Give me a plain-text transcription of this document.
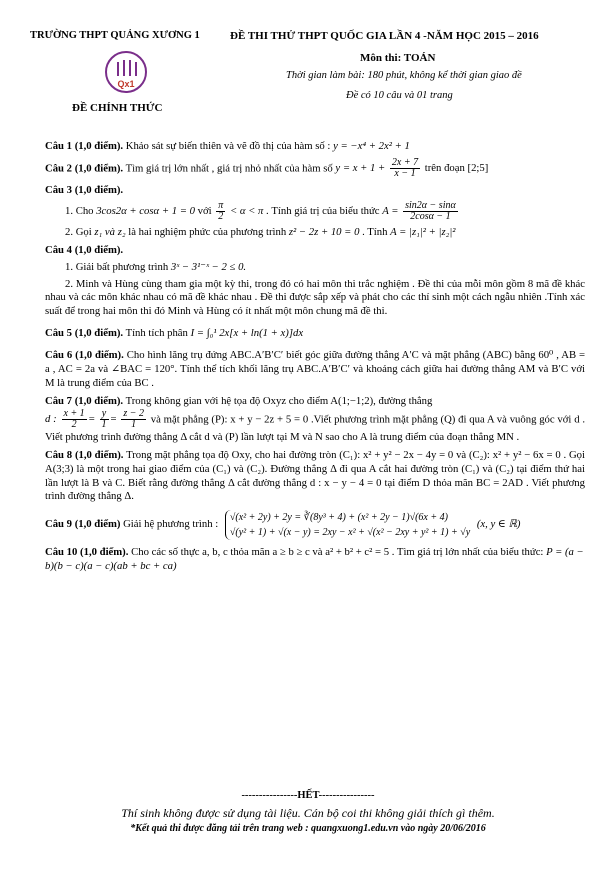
TRƯỜNG THPT QUẢNG XƯƠNG 1	ĐỀ THI THỬ THPT QUỐC GIA LẦN 4 -NĂM HỌC 2015 – 2016
Qx1
Môn thi: TOÁN
Thời gian làm bài: 180 phút, không kể thời gian giao đề
Đề có 10 câu và 01 trang
ĐỀ CHÍNH THỨC
Câu 1 (1,0 điểm). Khảo sát sự biến thiên và vẽ đồ thị của hàm số : y = −x⁴ + 2x² + 1
Câu 2 (1,0 điểm). Tìm giá trị lớn nhất , giá trị nhỏ nhất của hàm số $y = x + 1 + \frac{2x + 7}{x - 1}$ trên đoạn [2;5]
Câu 3 (1,0 điểm).
1. Cho 3cos2α + cosα + 1 = 0 với $\frac{\pi}{2} < \alpha < \pi$ . Tính giá trị của biểu thức $A = \frac{\sin 2\alpha - \sin\alpha}{2\cos\alpha - 1}$
2. Gọi z₁ và z₂ là hai nghiệm phức của phương trình z² − 2z + 10 = 0 . Tính A = |z₁|² + |z₂|²
Câu 4 (1,0 điểm).
1. Giải bất phương trình 3ˣ − 3¹⁻ˣ − 2 ≤ 0.
2. Minh và Hùng cùng tham gia một kỳ thi, trong đó có hai môn thi trắc nghiệm . Đề thi của mỗi môn gồm 8 mã đề khác nhau và các môn khác nhau có mã đề khác nhau . Đề thi được sắp xếp và phát cho các thí sinh một cách ngẫu nhiên .Tính xác suất để trong hai môn thi đó Minh và Hùng có ít nhất một môn chung mã đề thi.
Câu 5 (1,0 điểm). Tính tích phân I = ∫₀¹ 2x[x + ln(1 + x)]dx
Câu 6 (1,0 điểm). Cho hình lăng trụ đứng ABC.A′B′C′ biết góc giữa đường thẳng A′C và mặt phẳng (ABC) bằng 60⁰ , AB = a , AC = 2a và ∠BAC = 120°. Tính thể tích khối lăng trụ ABC.A′B′C′ và khoảng cách giữa hai đường thẳng AM và B′C với M là trung điểm của BC .
Câu 7 (1,0 điểm). Trong không gian với hệ tọa độ Oxyz cho điểm A(1;−1;2), đường thẳng
d : $\frac{x + 1}{2} = \frac{y}{1} = \frac{z - 2}{1}$ và mặt phẳng (P): x + y − 2z + 5 = 0 .Viết phương trình mặt phẳng (Q) đi qua A và vuông góc với d . Viết phương trình đường thẳng Δ cắt d và (P) lần lượt tại M và N sao cho A là trung điểm của đoạn thẳng MN .
Câu 8 (1,0 điểm). Trong mặt phẳng tọa độ Oxy, cho hai đường tròn (C₁): x² + y² − 2x − 4y = 0 và (C₂): x² + y² − 6x = 0 . Gọi A(3;3) là một trong hai giao điểm của (C₁) và (C₂). Đường thẳng Δ đi qua A cắt hai đường tròn (C₁) và (C₂) tại điểm thứ hai lần lượt là B và C. Biết rằng đường thẳng Δ cắt đường thẳng d : x − y − 4 = 0 tại điểm D thỏa mãn BC = 2AD . Viết phương trình đường thẳng Δ.
Câu 9 (1,0 điểm) Giải hệ phương trình :
√(x² + 2y) + 2y = ∛(8y³ + 4) + (x² + 2y − 1)√(6x + 4)
√(y² + 1) + √(x − y) = 2xy − x² + √(x² − 2xy + y² + 1) + √y
(x, y ∈ ℝ)
Câu 10 (1,0 điểm). Cho các số thực a, b, c thỏa mãn a ≥ b ≥ c và a² + b² + c² = 5 . Tìm giá trị lớn nhất của biểu thức: P = (a − b)(b − c)(a − c)(ab + bc + ca)
----------------HẾT----------------
Thí sinh không được sử dụng tài liệu. Cán bộ coi thi không giải thích gì thêm.
*Kết quả thi được đăng tải trên trang web : quangxuong1.edu.vn vào ngày 20/06/2016
